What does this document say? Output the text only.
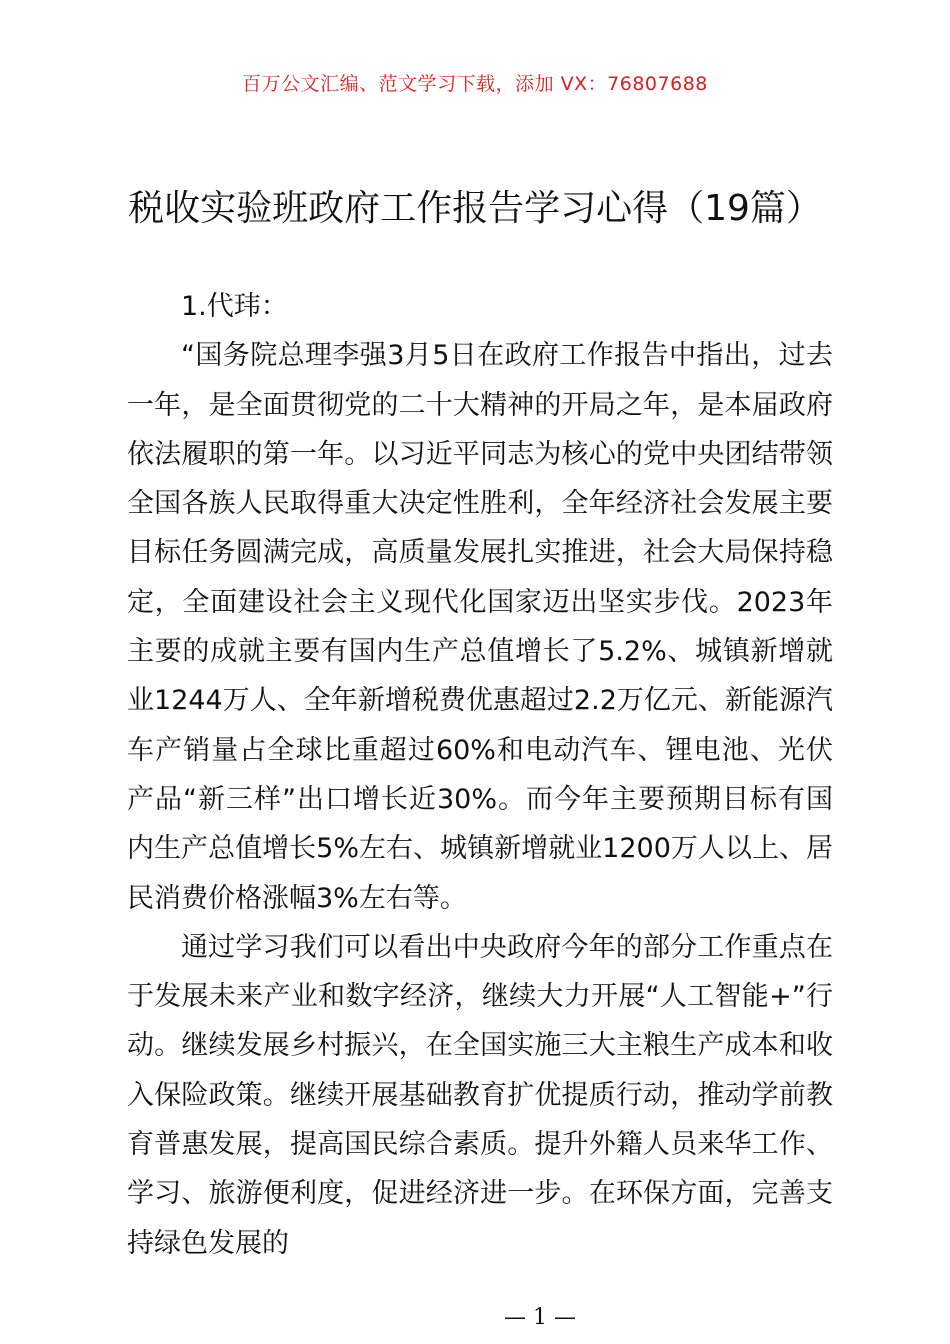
百万公文汇编、范文学习下载，添加 VX：76807688
税收实验班政府工作报告学习心得（19篇）

1.代玮：

“国务院总理李强3月5日在政府工作报告中指出，过去一年，是全面贯彻党的二十大精神的开局之年，是本届政府依法履职的第一年。以习近平同志为核心的党中央团结带领全国各族人民取得重大决定性胜利，全年经济社会发展主要目标任务圆满完成，高质量发展扎实推进，社会大局保持稳定，全面建设社会主义现代化国家迈出坚实步伐。2023年主要的成就主要有国内生产总值增长了5.2%、城镇新增就业1244万人、全年新增税费优惠超过2.2万亿元、新能源汽车产销量占全球比重超过60%和电动汽车、锂电池、光伏产品“新三样”出口增长近30%。而今年主要预期目标有国内生产总值增长5%左右、城镇新增就业1200万人以上、居民消费价格涨幅3%左右等。

通过学习我们可以看出中央政府今年的部分工作重点在于发展未来产业和数字经济，继续大力开展“人工智能+”行动。继续发展乡村振兴，在全国实施三大主粮生产成本和收入保险政策。继续开展基础教育扩优提质行动，推动学前教育普惠发展，提高国民综合素质。提升外籍人员来华工作、学习、旅游便利度，促进经济进一步。在环保方面，完善支持绿色发展的

— 1 —
